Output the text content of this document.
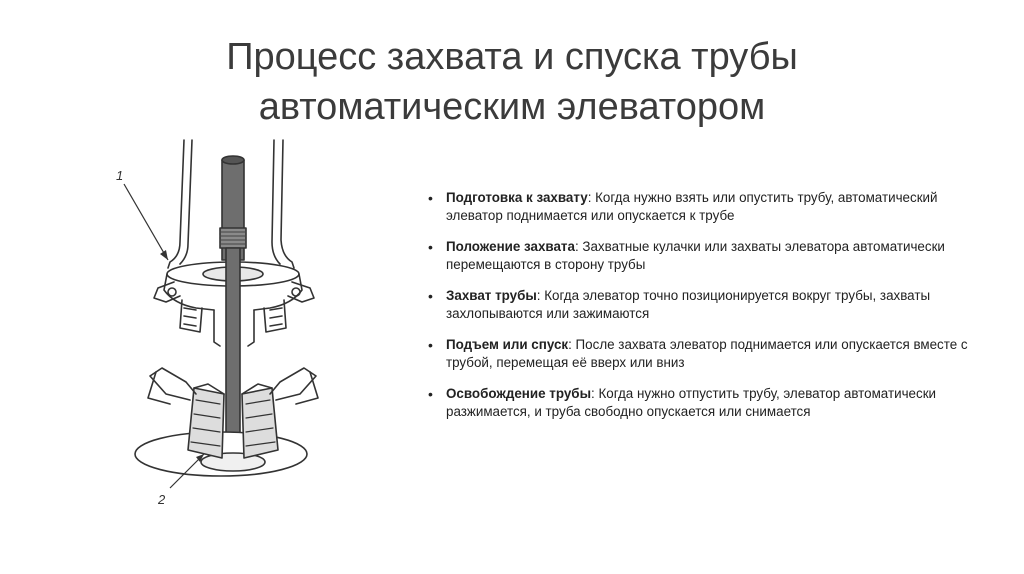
Процесс захвата и спуска трубы
автоматическим элеватором
1
2
• Подготовка к захвату: Когда нужно взять или опустить трубу, автоматический элеватор поднимается или опускается к трубе
• Положение захвата: Захватные кулачки или захваты элеватора автоматически перемещаются в сторону трубы
• Захват трубы: Когда элеватор точно позиционируется вокруг трубы, захваты захлопываются или зажимаются
• Подъем или спуск: После захвата элеватор поднимается или опускается вместе с трубой, перемещая её вверх или вниз
• Освобождение трубы: Когда нужно отпустить трубу, элеватор автоматически разжимается, и труба свободно опускается или снимается
